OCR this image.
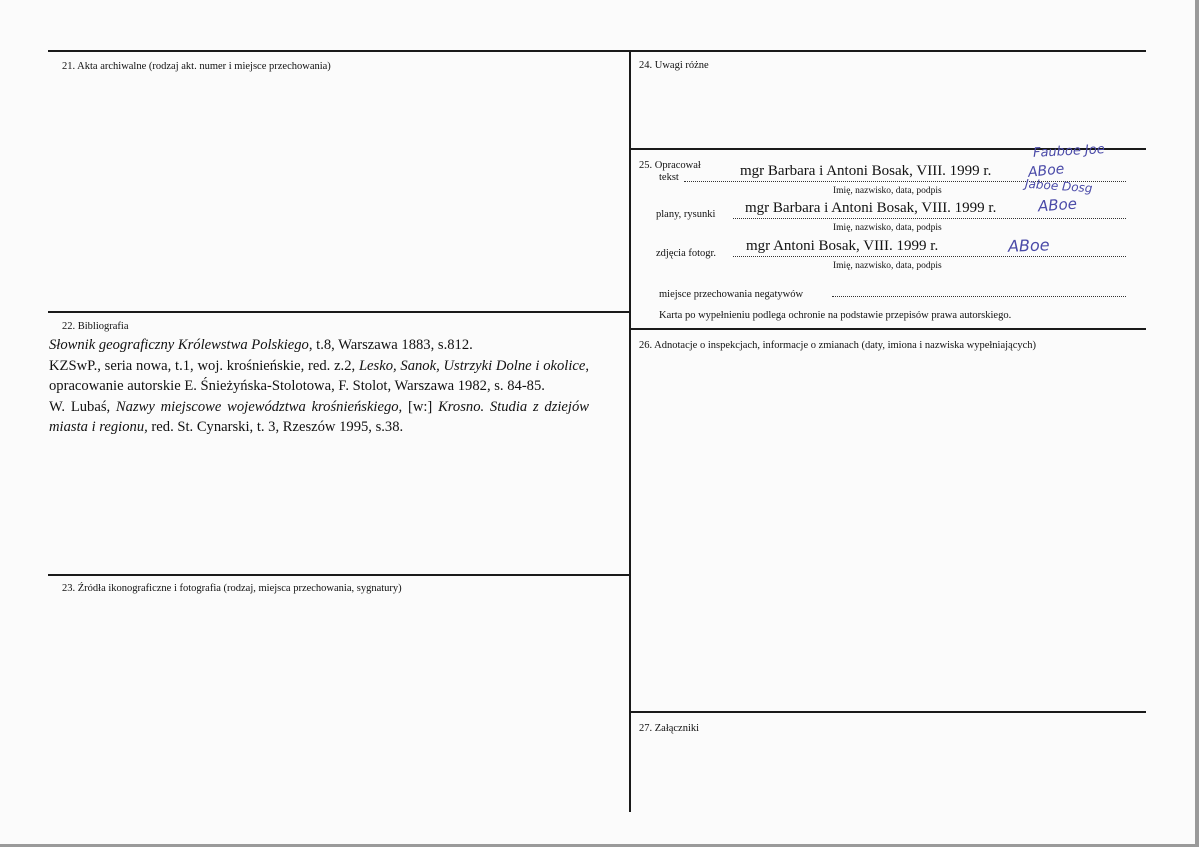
21. Akta archiwalne (rodzaj akt. numer i miejsce przechowania)
22. Bibliografia

Słownik geograficzny Królewstwa Polskiego, t.8, Warszawa 1883, s.812.

KZSwP., seria nowa, t.1, woj. krośnieńskie, red. z.2, Lesko, Sanok, Ustrzyki Dolne i okolice, opracowanie autorskie E. Śnieżyńska-Stolotowa, F. Stolot, Warszawa 1982, s. 84-85.

W. Lubaś, Nazwy miejscowe województwa krośnieńskiego, [w:] Krosno. Studia z dziejów miasta i regionu, red. St. Cynarski, t. 3, Rzeszów 1995, s.38.

23. Źródła ikonograficzne i fotografia (rodzaj, miejsca przechowania, sygnatury)
24. Uwagi różne
25. Opracował
tekst	mgr Barbara i Antoni Bosak, VIII. 1999 r.
Imię, nazwisko, data, podpis
plany, rysunki mgr Barbara i Antoni Bosak, VIII. 1999 r.
Imię, nazwisko, data, podpis
zdjęcia fotogr. mgr Antoni Bosak, VIII. 1999 r.
Imię, nazwisko, data, podpis
miejsce przechowania negatywów
Karta po wypełnieniu podlega ochronie na podstawie przepisów prawa autorskiego.
Fauboe Joe
ABoe
Jaboe Dosg
ABoe
ABoe
26. Adnotacje o inspekcjach, informacje o zmianach (daty, imiona i nazwiska wypełniających)
27. Załączniki
